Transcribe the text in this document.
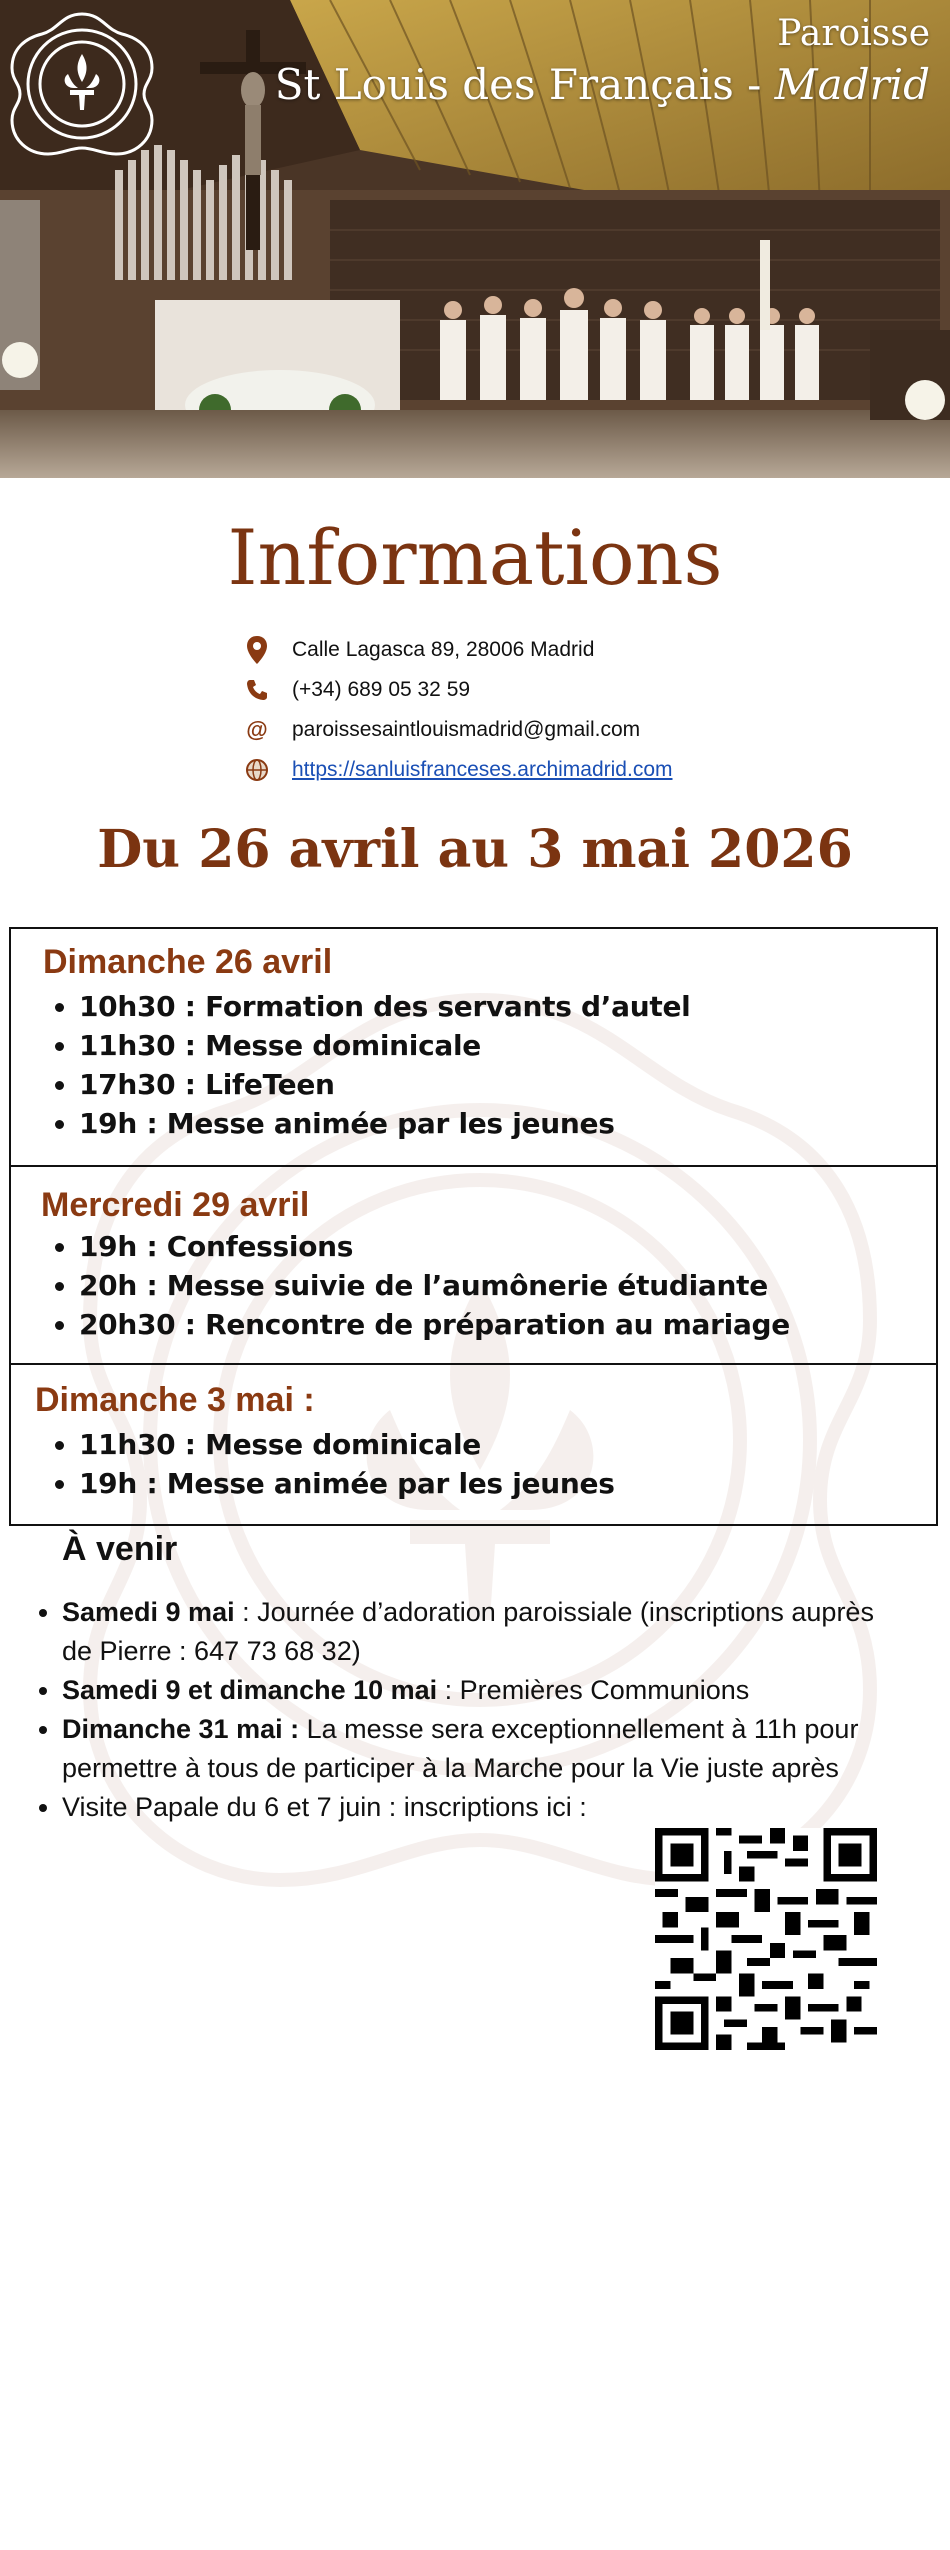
Paroisse
St Louis des Français - Madrid
Informations
Calle Lagasca 89, 28006 Madrid
(+34) 689 05 32 59
@ paroissesaintlouismadrid@gmail.com
https://sanluisfranceses.archimadrid.com
Du 26 avril au 3 mai 2026
Dimanche 26 avril
• 10h30 : Formation des servants d’autel
• 11h30 : Messe dominicale
• 17h30 : LifeTeen
• 19h : Messe animée par les jeunes
Mercredi 29 avril
• 19h : Confessions
• 20h : Messe suivie de l’aumônerie étudiante
• 20h30 : Rencontre de préparation au mariage
Dimanche 3 mai :
• 11h30 : Messe dominicale
• 19h : Messe animée par les jeunes
À venir
• Samedi 9 mai : Journée d’adoration paroissiale (inscriptions auprès de Pierre : 647 73 68 32)
• Samedi 9 et dimanche 10 mai : Premières Communions
• Dimanche 31 mai : La messe sera exceptionnellement à 11h pour permettre à tous de participer à la Marche pour la Vie juste après
• Visite Papale du 6 et 7 juin : inscriptions ici :
